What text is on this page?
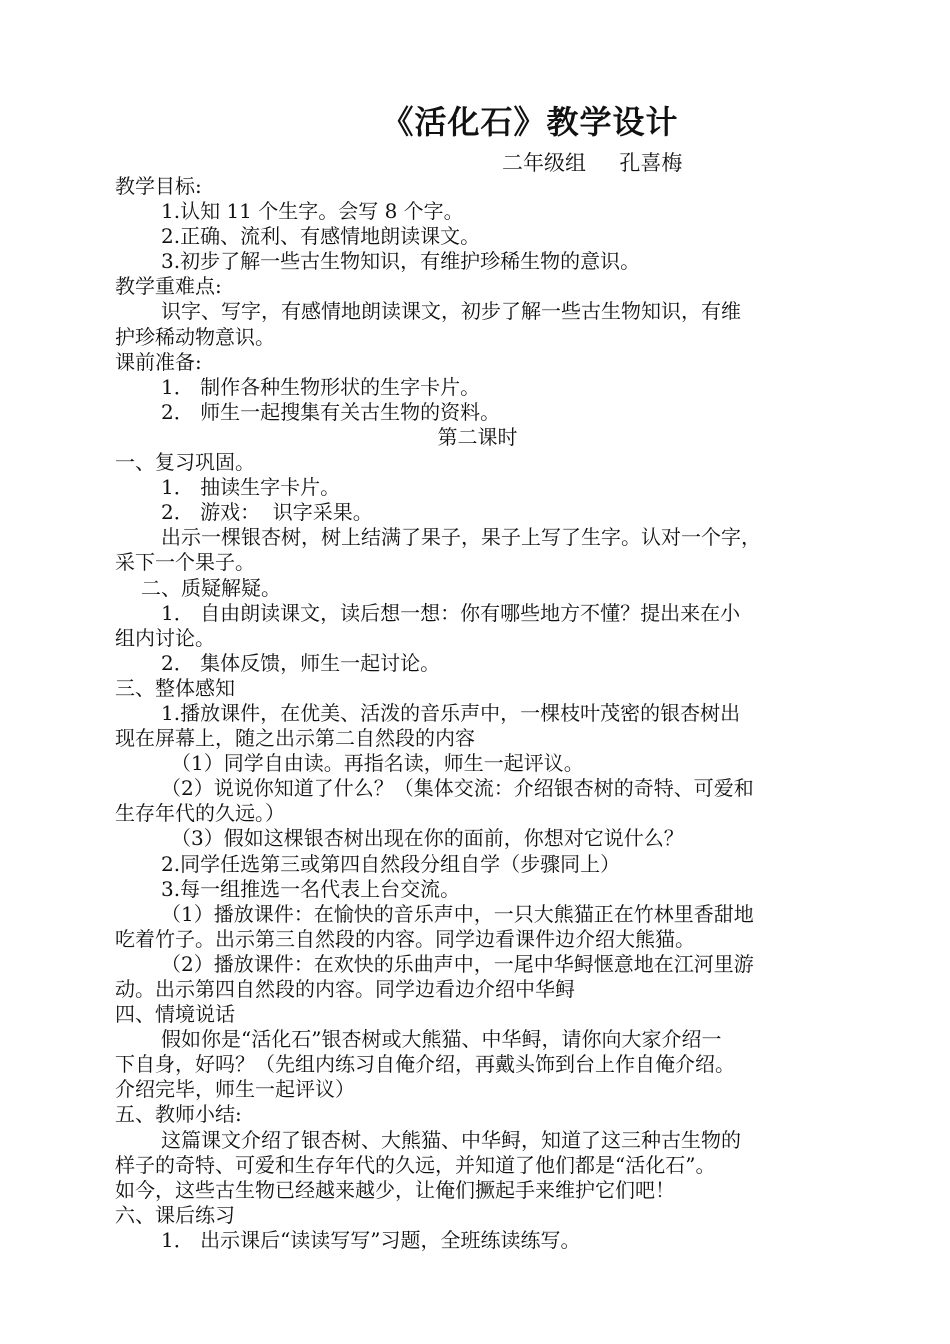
《活化石》教学设计
二年级组     孔喜梅
教学目标:
1.认知 11 个生字。会写 8 个字。
2.正确、流利、有感情地朗读课文。
3.初步了解一些古生物知识，有维护珍稀生物的意识。
教学重难点:
识字、写字，有感情地朗读课文，初步了解一些古生物知识，有维
护珍稀动物意识。
课前准备:
1． 制作各种生物形状的生字卡片。
2． 师生一起搜集有关古生物的资料。
第二课时
一、复习巩固。
1． 抽读生字卡片。
2． 游戏：  识字采果。
出示一棵银杏树，树上结满了果子，果子上写了生字。认对一个字，
采下一个果子。
二、质疑解疑。
1． 自由朗读课文，读后想一想：你有哪些地方不懂？提出来在小
组内讨论。
2． 集体反馈，师生一起讨论。
三、整体感知
1.播放课件，在优美、活泼的音乐声中，一棵枝叶茂密的银杏树出
现在屏幕上，随之出示第二自然段的内容
（1）同学自由读。再指名读，师生一起评议。
（2）说说你知道了什么？（集体交流：介绍银杏树的奇特、可爱和
生存年代的久远。）
（3）假如这棵银杏树出现在你的面前，你想对它说什么？
2.同学任选第三或第四自然段分组自学（步骤同上）
3.每一组推选一名代表上台交流。
（1）播放课件：在愉快的音乐声中，一只大熊猫正在竹林里香甜地
吃着竹子。出示第三自然段的内容。同学边看课件边介绍大熊猫。
（2）播放课件：在欢快的乐曲声中，一尾中华鲟惬意地在江河里游
动。出示第四自然段的内容。同学边看边介绍中华鲟
四、情境说话
假如你是“活化石”银杏树或大熊猫、中华鲟，请你向大家介绍一
下自身，好吗？（先组内练习自俺介绍，再戴头饰到台上作自俺介绍。
介绍完毕，师生一起评议）
五、教师小结:
这篇课文介绍了银杏树、大熊猫、中华鲟，知道了这三种古生物的
样子的奇特、可爱和生存年代的久远，并知道了他们都是“活化石”。
如今，这些古生物已经越来越少，让俺们撅起手来维护它们吧！
六、课后练习
1． 出示课后“读读写写”习题，全班练读练写。
